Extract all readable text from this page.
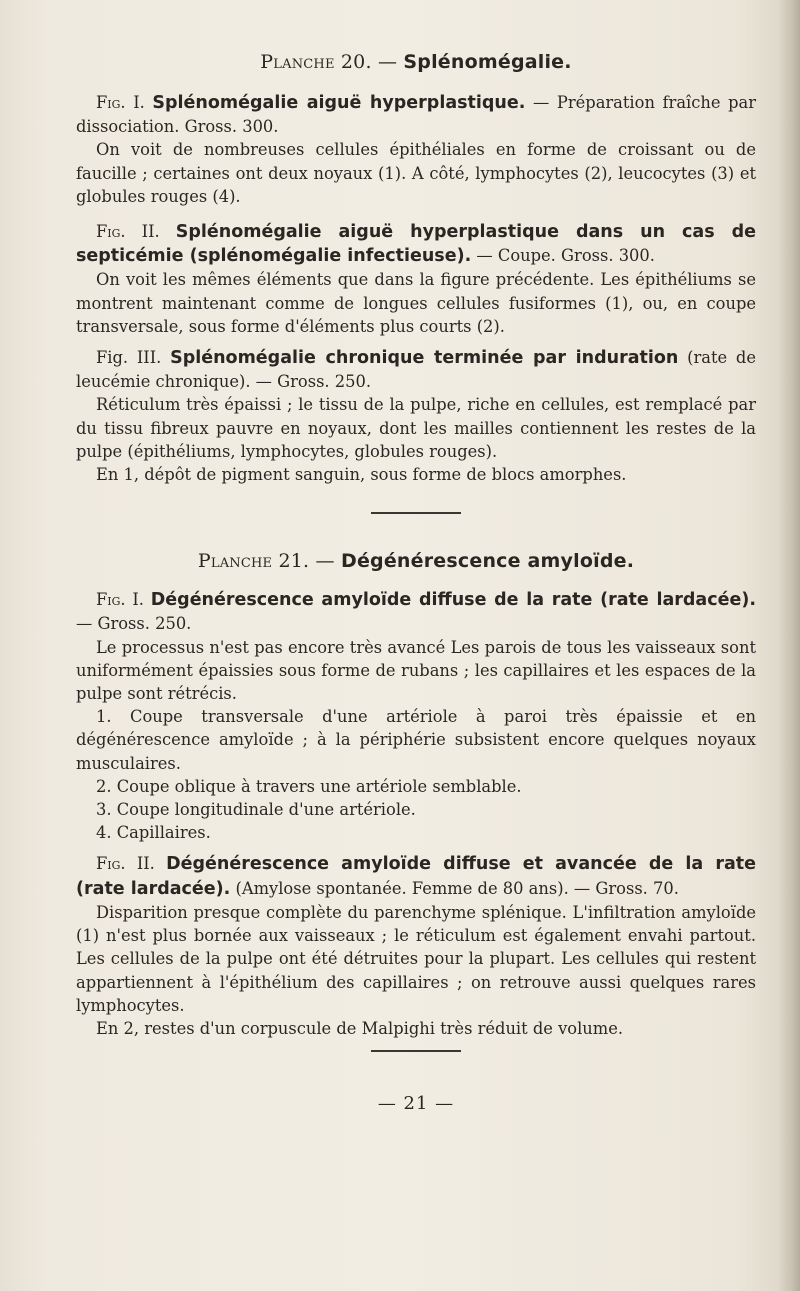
Planche 20. — Splénomégalie.

Fig. I. Splénomégalie aiguë hyperplastique. — Préparation fraîche par dissociation. Gross. 300.

On voit de nombreuses cellules épithéliales en forme de croissant ou de faucille ; certaines ont deux noyaux (1). A côté, lymphocytes (2), leucocytes (3) et globules rouges (4).

Fig. II. Splénomégalie aiguë hyperplastique dans un cas de septicémie (splénomégalie infectieuse). — Coupe. Gross. 300.

On voit les mêmes éléments que dans la figure précédente. Les épithéliums se montrent maintenant comme de longues cellules fusiformes (1), ou, en coupe transversale, sous forme d'éléments plus courts (2).

Fig. III. Splénomégalie chronique terminée par induration (rate de leucémie chronique). — Gross. 250.

Réticulum très épaissi ; le tissu de la pulpe, riche en cellules, est remplacé par du tissu fibreux pauvre en noyaux, dont les mailles contiennent les restes de la pulpe (épithéliums, lymphocytes, globules rouges).

En 1, dépôt de pigment sanguin, sous forme de blocs amorphes.

Planche 21. — Dégénérescence amyloïde.

Fig. I. Dégénérescence amyloïde diffuse de la rate (rate lardacée). — Gross. 250.

Le processus n'est pas encore très avancé Les parois de tous les vaisseaux sont uniformément épaissies sous forme de rubans ; les capillaires et les espaces de la pulpe sont rétrécis.

1. Coupe transversale d'une artériole à paroi très épaissie et en dégénérescence amyloïde ; à la périphérie subsistent encore quelques noyaux musculaires.

2. Coupe oblique à travers une artériole semblable.

3. Coupe longitudinale d'une artériole.

4. Capillaires.

Fig. II. Dégénérescence amyloïde diffuse et avancée de la rate (rate lardacée). (Amylose spontanée. Femme de 80 ans). — Gross. 70.

Disparition presque complète du parenchyme splénique. L'infiltration amyloïde (1) n'est plus bornée aux vaisseaux ; le réticulum est également envahi partout. Les cellules de la pulpe ont été détruites pour la plupart. Les cellules qui restent appartiennent à l'épithélium des capillaires ; on retrouve aussi quelques rares lymphocytes.

En 2, restes d'un corpuscule de Malpighi très réduit de volume.

— 21 —
